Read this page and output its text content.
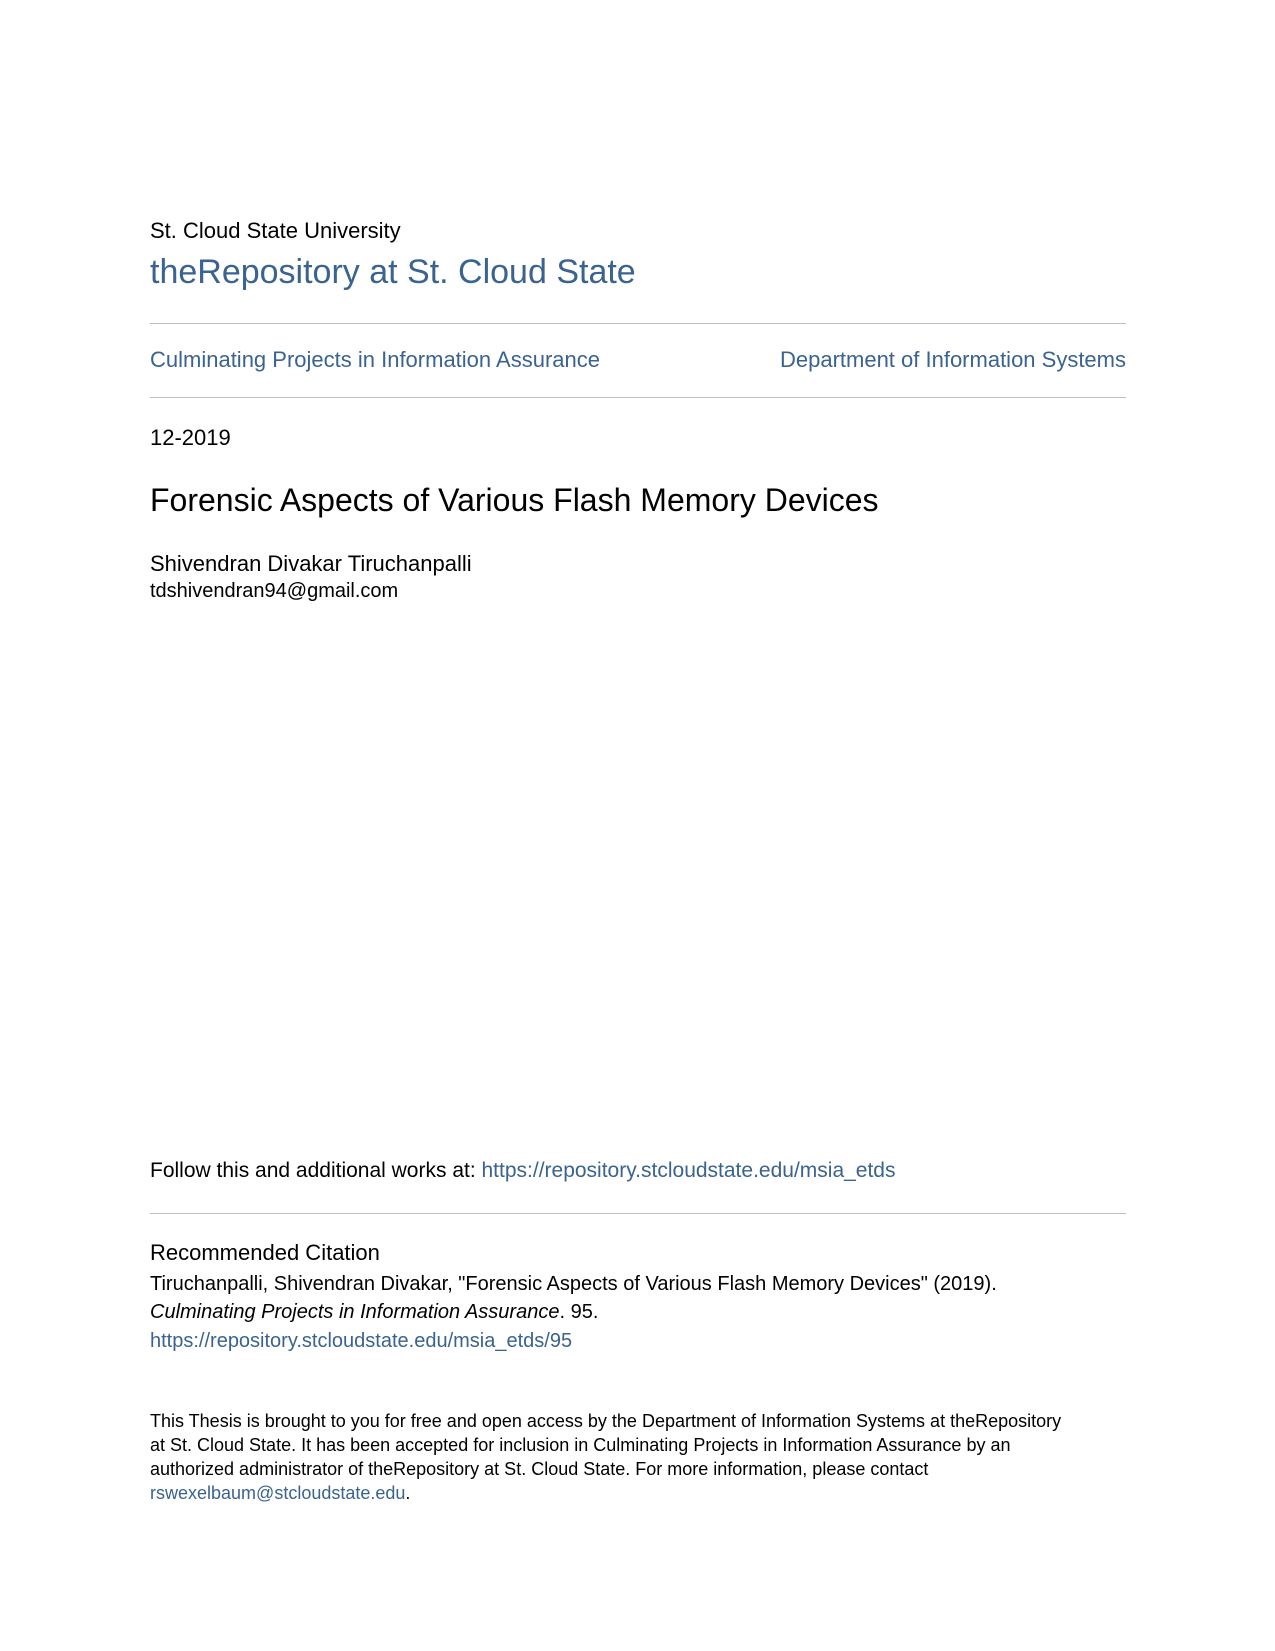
St. Cloud State University
theRepository at St. Cloud State
Culminating Projects in Information Assurance	Department of Information Systems
12-2019
Forensic Aspects of Various Flash Memory Devices
Shivendran Divakar Tiruchanpalli
tdshivendran94@gmail.com
Follow this and additional works at: https://repository.stcloudstate.edu/msia_etds
Recommended Citation
Tiruchanpalli, Shivendran Divakar, "Forensic Aspects of Various Flash Memory Devices" (2019).
Culminating Projects in Information Assurance. 95.
https://repository.stcloudstate.edu/msia_etds/95

This Thesis is brought to you for free and open access by the Department of Information Systems at theRepository

at St. Cloud State. It has been accepted for inclusion in Culminating Projects in Information Assurance by an

authorized administrator of theRepository at St. Cloud State. For more information, please contact

rswexelbaum@stcloudstate.edu.
